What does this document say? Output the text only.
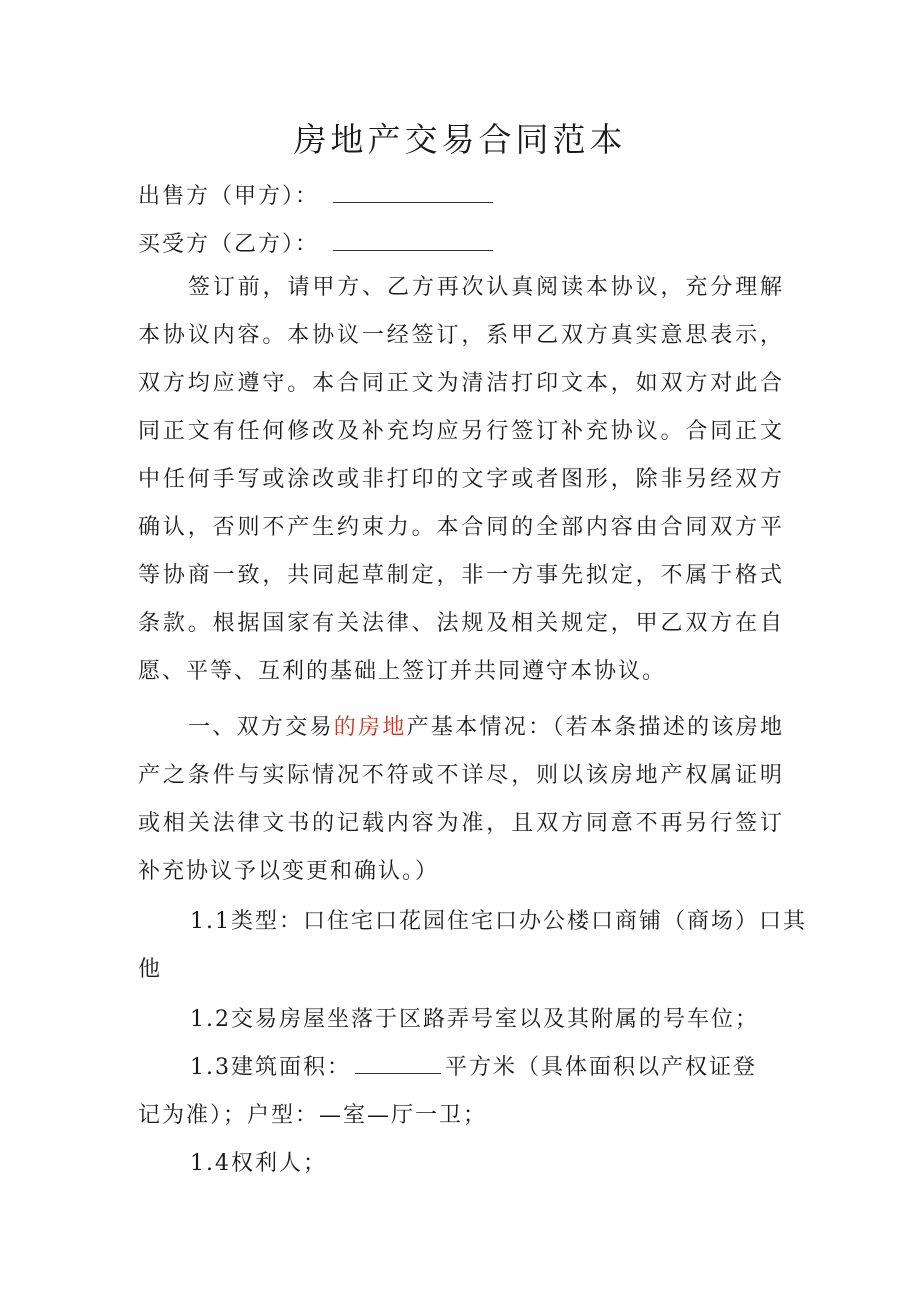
房地产交易合同范本
出售方（甲方）：
买受方（乙方）：

签订前，请甲方、乙方再次认真阅读本协议，充分理解本协议内容。本协议一经签订，系甲乙双方真实意思表示，双方均应遵守。本合同正文为清洁打印文本，如双方对此合同正文有任何修改及补充均应另行签订补充协议。合同正文中任何手写或涂改或非打印的文字或者图形，除非另经双方确认，否则不产生约束力。本合同的全部内容由合同双方平等协商一致，共同起草制定，非一方事先拟定，不属于格式条款。根据国家有关法律、法规及相关规定，甲乙双方在自愿、平等、互利的基础上签订并共同遵守本协议。

一、双方交易的房地产基本情况：（若本条描述的该房地产之条件与实际情况不符或不详尽，则以该房地产权属证明或相关法律文书的记载内容为准，且双方同意不再另行签订补充协议予以变更和确认。）

1.1类型：口住宅口花园住宅口办公楼口商铺（商场）口其
他
1.2交易房屋坐落于区路弄号室以及其附属的号车位；
1.3建筑面积：	平方米（具体面积以产权证登
记为准）；户型：—室—厅一卫；
1.4权利人；
